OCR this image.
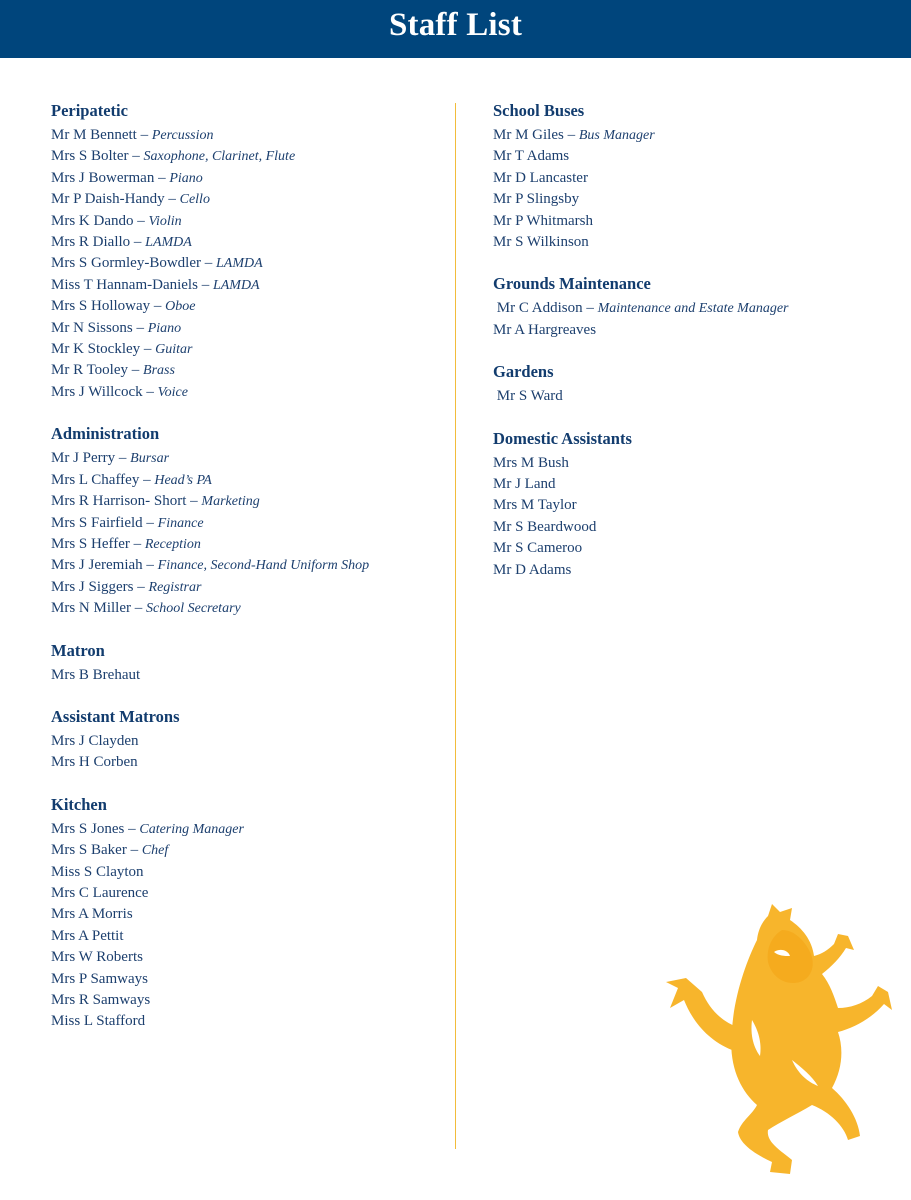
Staff List
Peripatetic
Mr M Bennett – Percussion
Mrs S Bolter – Saxophone, Clarinet, Flute
Mrs J Bowerman – Piano
Mr P Daish-Handy – Cello
Mrs K Dando – Violin
Mrs R Diallo – LAMDA
Mrs S Gormley-Bowdler – LAMDA
Miss T Hannam-Daniels – LAMDA
Mrs S Holloway – Oboe
Mr N Sissons – Piano
Mr K Stockley – Guitar
Mr R Tooley – Brass
Mrs J Willcock – Voice
Administration
Mr J Perry – Bursar
Mrs L Chaffey – Head’s PA
Mrs R Harrison- Short – Marketing
Mrs S Fairfield – Finance
Mrs S Heffer – Reception
Mrs J Jeremiah – Finance, Second-Hand Uniform Shop
Mrs J Siggers – Registrar
Mrs N Miller – School Secretary
Matron
Mrs B Brehaut
Assistant Matrons
Mrs J Clayden
Mrs H Corben
Kitchen
Mrs S Jones – Catering Manager
Mrs S Baker – Chef
Miss S Clayton
Mrs C Laurence
Mrs A Morris
Mrs A Pettit
Mrs W Roberts
Mrs P Samways
Mrs R Samways
Miss L Stafford
School Buses
Mr M Giles – Bus Manager
Mr T Adams
Mr D Lancaster
Mr P Slingsby
Mr P Whitmarsh
Mr S Wilkinson
Grounds Maintenance
Mr C Addison – Maintenance and Estate Manager
Mr A Hargreaves
Gardens
Mr S Ward
Domestic Assistants
Mrs M Bush
Mr J Land
Mrs M Taylor
Mr S Beardwood
Mr S Cameroo
Mr D Adams
